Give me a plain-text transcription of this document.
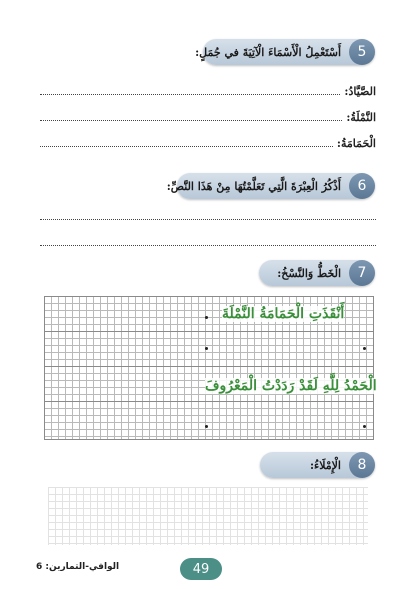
5
أَسْتَعْمِلُ الْأَسْمَاءَ الْآتِيَةَ في جُمَلٍ:
الصَّيَّادُ:
النَّمْلَةُ:
الْحَمَامَةُ:
6
أَذْكُرُ الْعِبْرَةَ الَّتِي تَعَلَّمْتُهَا مِنْ هَذَا النَّصِّ:
7
الْخَطُّ وَالنَّسْخُ:
أَنْقَذَتِ الْحَمَامَةُ النَّمْلَةَ
الْحَمْدُ لِلَّهِ لَقَدْ رَدَدْتُ الْمَعْرُوفَ
8
الْإِمْلَاءُ:
49
الوافي-التمارين: 6
